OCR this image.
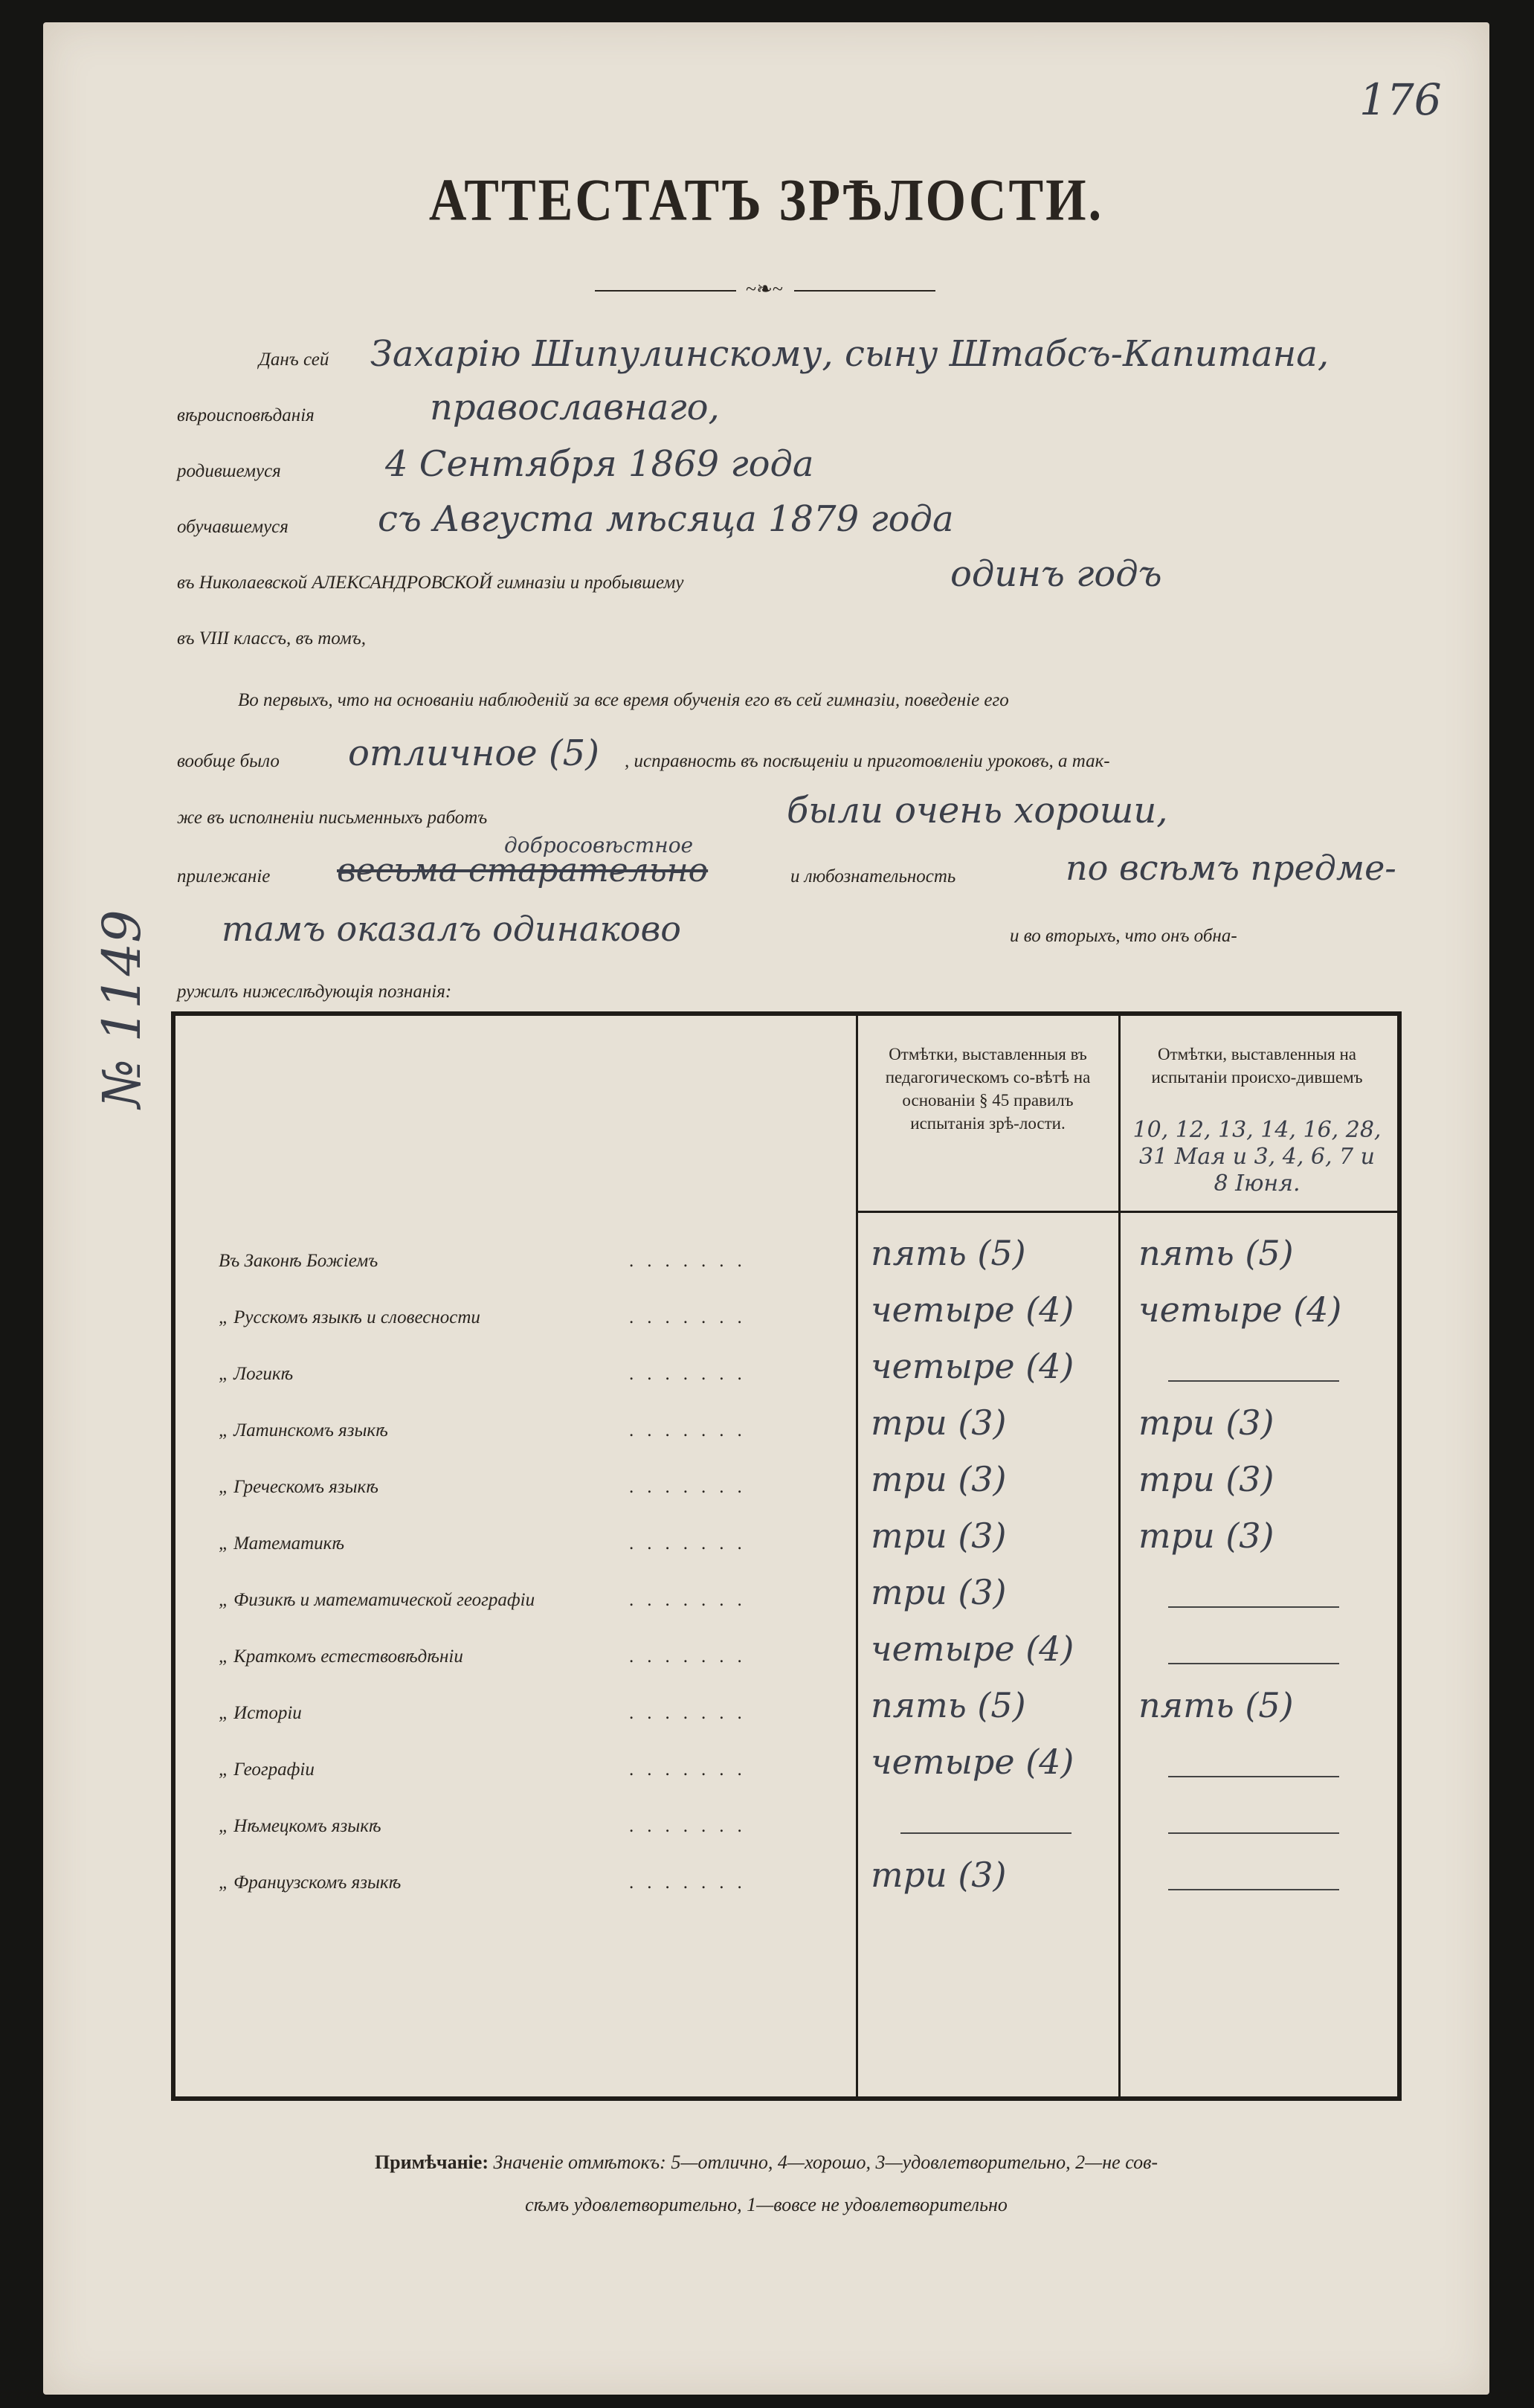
176
АТТЕСТАТЪ ЗРѢЛОСТИ.
~❧~
№ 1149
Данъ сей Захарію Шипулинскому, сыну Штабсъ-Капитана,
вѣроисповѣданія	православнаго,
родившемуся	4 Сентября 1869 года
обучавшемуся	съ Августа мѣсяца 1879 года
въ Николаевской АЛЕКСАНДРОВСКОЙ гимназіи и пробывшему	одинъ годъ
въ VIII классъ, въ томъ,
Во первыхъ, что на основаніи наблюденій за все время обученія его въ сей гимназіи, поведеніе его
вообще было отличное (5) , исправность въ посѣщеніи и приготовленіи уроковъ, а так-
же въ исполненіи письменныхъ работъ	были очень хороши,
добросовѣстное
прилежаніе весьма старательно	и любознательность	по всѣмъ предме-
тамъ оказалъ одинаково	и во вторыхъ, что онъ обна-
ружилъ нижеслѣдующія познанія:
Отмѣтки, выставленныя въ педагогическомъ со-вѣтѣ на основаніи § 45 правилъ испытанія зрѣ-лости.
Отмѣтки, выставленныя на испытаніи происхо-дившемъ
10, 12, 13, 14, 16, 28, 31 Мая и 3, 4, 6, 7 и 8 Іюня.
Въ Законѣ Божіемъ	.......	пять (5)	пять (5)
„ Русскомъ языкѣ и словесности	.......	четыре (4) четыре (4)
„ Логикѣ	.......	четыре (4)
„ Латинскомъ языкѣ	.......	три (3)	три (3)
„ Греческомъ языкѣ	.......	три (3)	три (3)
„ Математикѣ	.......	три (3)	три (3)
„ Физикѣ и математической географіи	.......	три (3)
„ Краткомъ естествовѣдѣніи	.......	четыре (4)
„ Исторіи	.......	пять (5)	пять (5)
„ Географіи	.......	четыре (4)
„ Нѣмецкомъ языкѣ	.......
„ Французскомъ языкѣ	.......	три (3)
Примѣчаніе: Значеніе отмѣтокъ: 5—отлично, 4—хорошо, 3—удовлетворительно, 2—не сов-
сѣмъ удовлетворительно, 1—вовсе не удовлетворительно
